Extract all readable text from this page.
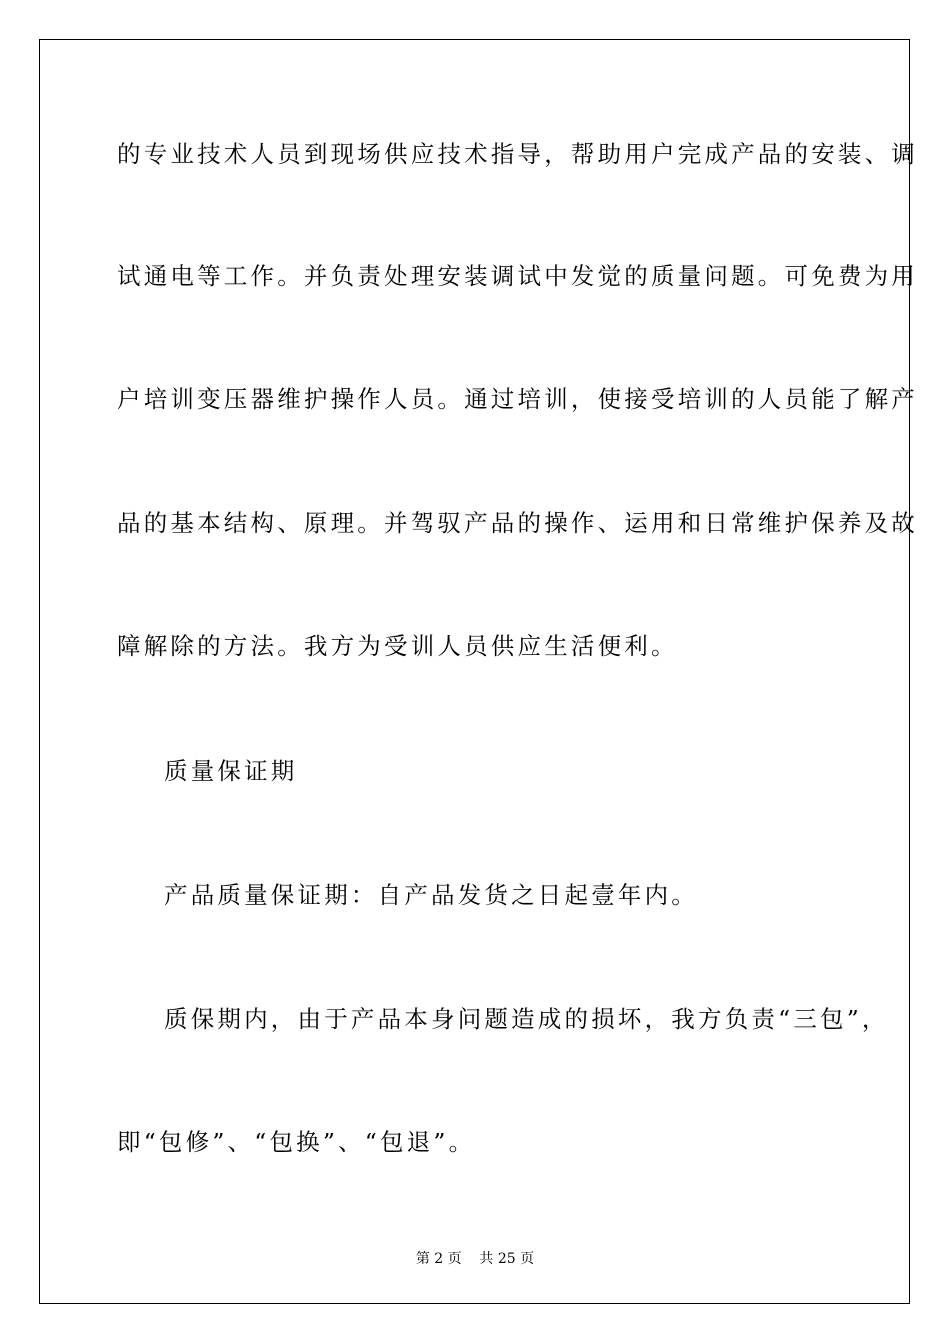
的专业技术人员到现场供应技术指导，帮助用户完成产品的安装、调
试通电等工作。并负责处理安装调试中发觉的质量问题。可免费为用
户培训变压器维护操作人员。通过培训，使接受培训的人员能了解产
品的基本结构、原理。并驾驭产品的操作、运用和日常维护保养及故
障解除的方法。我方为受训人员供应生活便利。
质量保证期
产品质量保证期：自产品发货之日起壹年内。
质保期内，由于产品本身问题造成的损坏，我方负责“三包”，
即“包修”、“包换”、“包退”。
第 2 页    共 25 页
